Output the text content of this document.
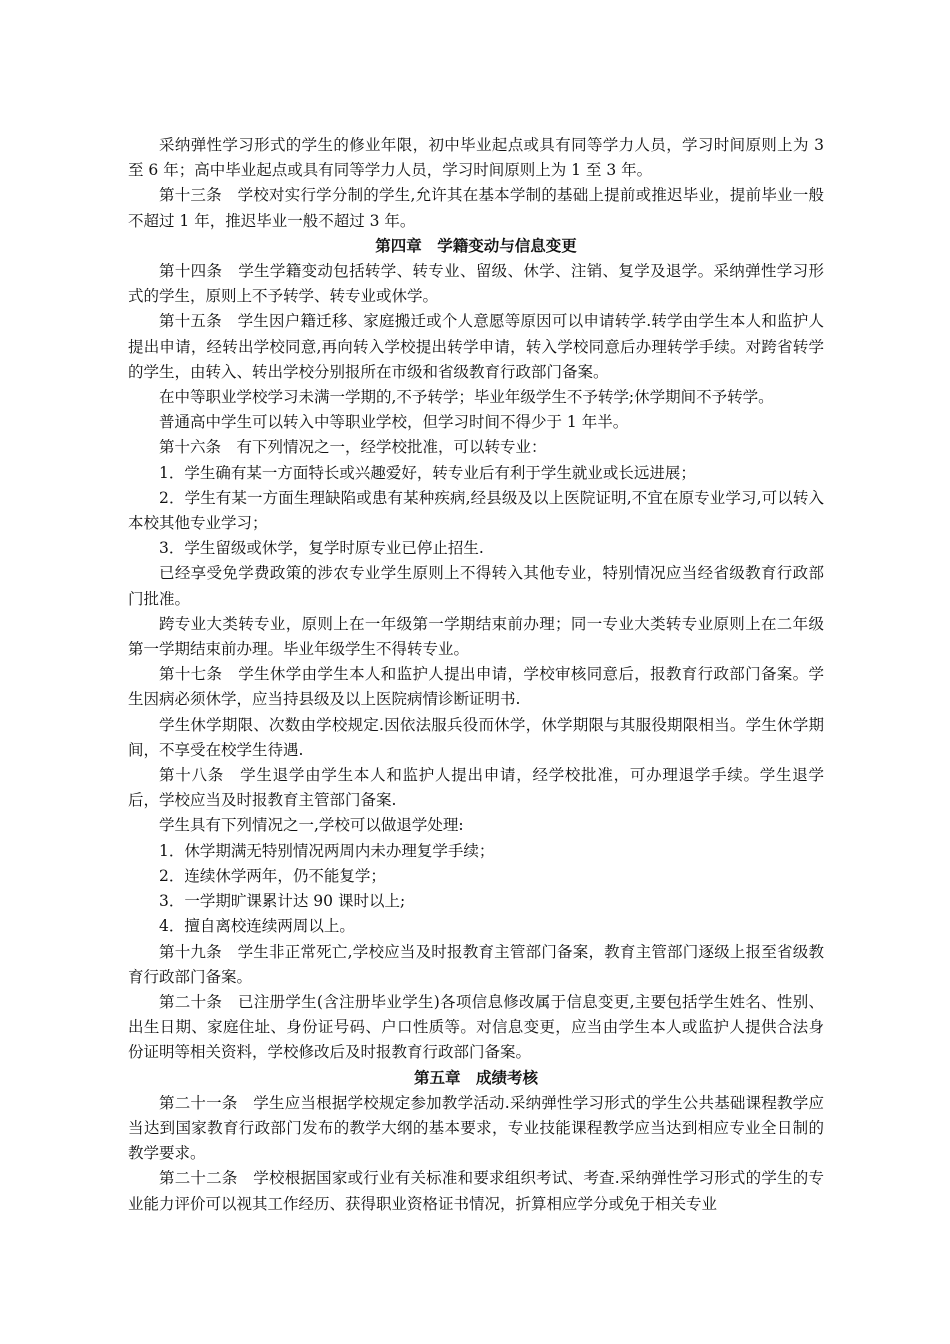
采纳弹性学习形式的学生的修业年限，初中毕业起点或具有同等学力人员，学习时间原则上为 3 至 6 年；高中毕业起点或具有同等学力人员，学习时间原则上为 1 至 3 年。

第十三条　学校对实行学分制的学生,允许其在基本学制的基础上提前或推迟毕业，提前毕业一般不超过 1 年，推迟毕业一般不超过 3 年。

第四章　学籍变动与信息变更

第十四条　学生学籍变动包括转学、转专业、留级、休学、注销、复学及退学。采纳弹性学习形式的学生，原则上不予转学、转专业或休学。

第十五条　学生因户籍迁移、家庭搬迁或个人意愿等原因可以申请转学.转学由学生本人和监护人提出申请，经转出学校同意,再向转入学校提出转学申请，转入学校同意后办理转学手续。对跨省转学的学生，由转入、转出学校分别报所在市级和省级教育行政部门备案。

在中等职业学校学习未满一学期的,不予转学；毕业年级学生不予转学;休学期间不予转学。

普通高中学生可以转入中等职业学校，但学习时间不得少于 1 年半。

第十六条　有下列情况之一，经学校批准，可以转专业：

1．学生确有某一方面特长或兴趣爱好，转专业后有利于学生就业或长远进展；

2．学生有某一方面生理缺陷或患有某种疾病,经县级及以上医院证明,不宜在原专业学习,可以转入本校其他专业学习；

3．学生留级或休学，复学时原专业已停止招生.

已经享受免学费政策的涉农专业学生原则上不得转入其他专业，特别情况应当经省级教育行政部门批准。

跨专业大类转专业，原则上在一年级第一学期结束前办理；同一专业大类转专业原则上在二年级第一学期结束前办理。毕业年级学生不得转专业。

第十七条　学生休学由学生本人和监护人提出申请，学校审核同意后，报教育行政部门备案。学生因病必须休学，应当持县级及以上医院病情诊断证明书.

学生休学期限、次数由学校规定.因依法服兵役而休学，休学期限与其服役期限相当。学生休学期间，不享受在校学生待遇.

第十八条　学生退学由学生本人和监护人提出申请，经学校批准，可办理退学手续。学生退学后，学校应当及时报教育主管部门备案.

学生具有下列情况之一,学校可以做退学处理:

1．休学期满无特别情况两周内未办理复学手续；

2．连续休学两年，仍不能复学；

3．一学期旷课累计达 90 课时以上;

4．擅自离校连续两周以上。

第十九条　学生非正常死亡,学校应当及时报教育主管部门备案，教育主管部门逐级上报至省级教育行政部门备案。

第二十条　已注册学生(含注册毕业学生)各项信息修改属于信息变更,主要包括学生姓名、性别、出生日期、家庭住址、身份证号码、户口性质等。对信息变更，应当由学生本人或监护人提供合法身份证明等相关资料，学校修改后及时报教育行政部门备案。

第五章　成绩考核

第二十一条　学生应当根据学校规定参加教学活动.采纳弹性学习形式的学生公共基础课程教学应当达到国家教育行政部门发布的教学大纲的基本要求，专业技能课程教学应当达到相应专业全日制的教学要求。

第二十二条　学校根据国家或行业有关标准和要求组织考试、考查.采纳弹性学习形式的学生的专业能力评价可以视其工作经历、获得职业资格证书情况，折算相应学分或免于相关专业
